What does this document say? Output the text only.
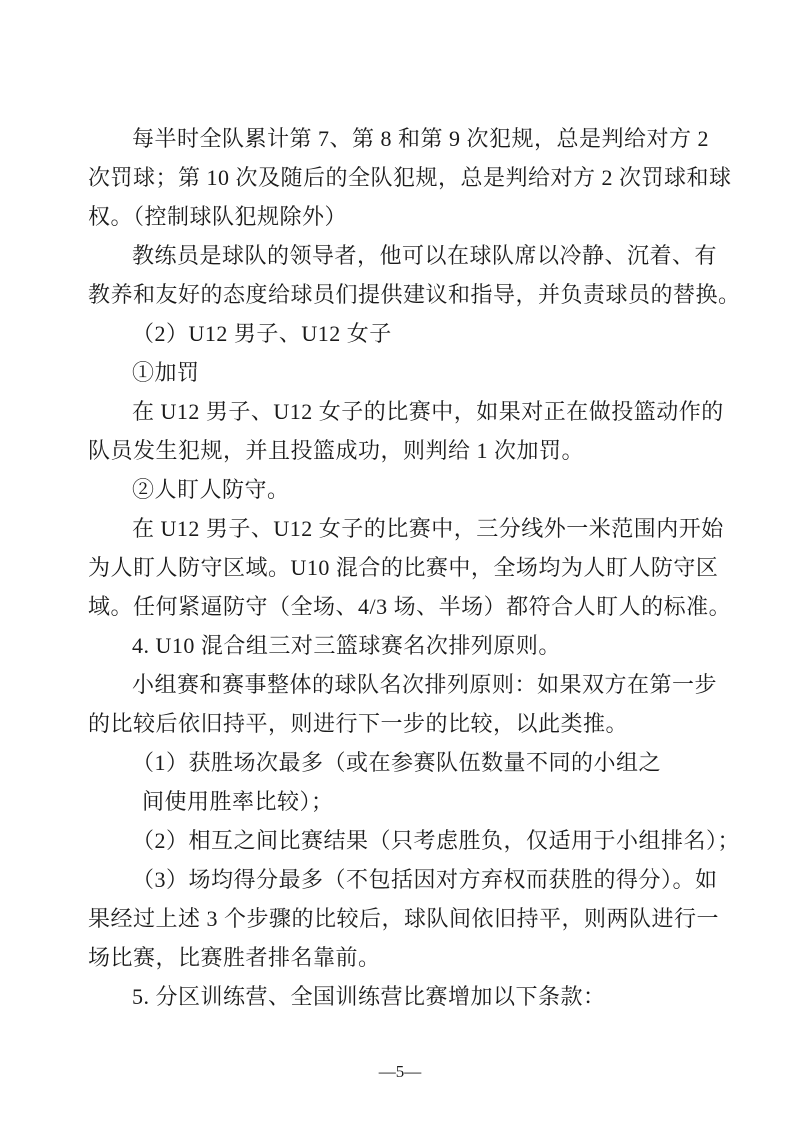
每半时全队累计第 7、第 8 和第 9 次犯规，总是判给对方 2
次罚球；第 10 次及随后的全队犯规，总是判给对方 2 次罚球和球
权。（控制球队犯规除外）
教练员是球队的领导者，他可以在球队席以冷静、沉着、有
教养和友好的态度给球员们提供建议和指导，并负责球员的替换。
（2）U12 男子、U12 女子
①加罚
在 U12 男子、U12 女子的比赛中，如果对正在做投篮动作的
队员发生犯规，并且投篮成功，则判给 1 次加罚。
②人盯人防守。
在 U12 男子、U12 女子的比赛中，三分线外一米范围内开始
为人盯人防守区域。U10 混合的比赛中，全场均为人盯人防守区
域。任何紧逼防守（全场、4/3 场、半场）都符合人盯人的标准。
4. U10 混合组三对三篮球赛名次排列原则。
小组赛和赛事整体的球队名次排列原则：如果双方在第一步
的比较后依旧持平，则进行下一步的比较，以此类推。
（1）获胜场次最多（或在参赛队伍数量不同的小组之
间使用胜率比较）；
（2）相互之间比赛结果（只考虑胜负，仅适用于小组排名）；
（3）场均得分最多（不包括因对方弃权而获胜的得分）。如
果经过上述 3 个步骤的比较后，球队间依旧持平，则两队进行一
场比赛，比赛胜者排名靠前。
5. 分区训练营、全国训练营比赛增加以下条款：
—5—
